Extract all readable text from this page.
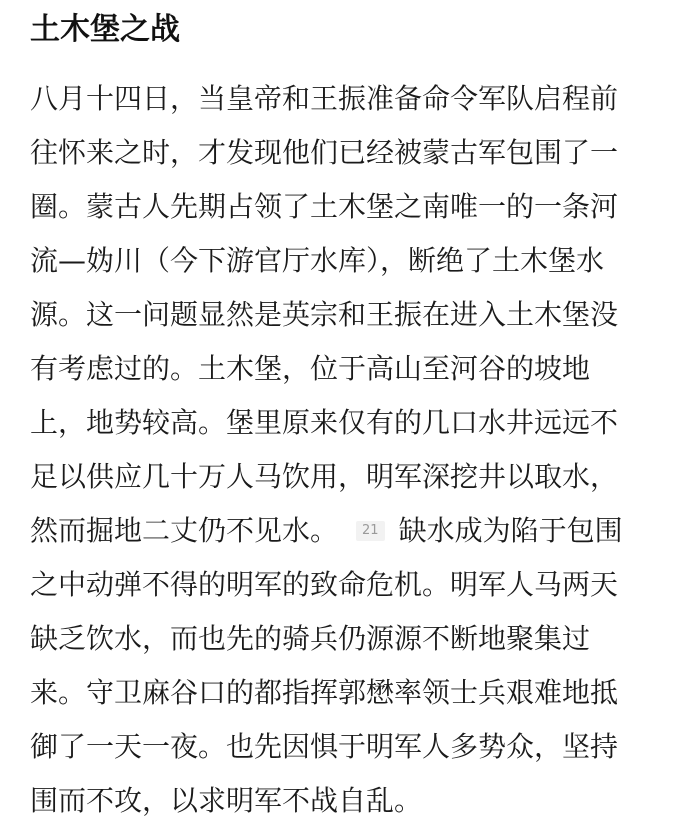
土木堡之战
八月十四日，当皇帝和王振准备命令军队启程前
往怀来之时，才发现他们已经被蒙古军包围了一
圈。蒙古人先期占领了土木堡之南唯一的一条河
流—妫川（今下游官厅水库），断绝了土木堡水
源。这一问题显然是英宗和王振在进入土木堡没
有考虑过的。土木堡，位于高山至河谷的坡地
上，地势较高。堡里原来仅有的几口水井远远不
足以供应几十万人马饮用，明军深挖井以取水，
然而掘地二丈仍不见水。 21 缺水成为陷于包围
之中动弹不得的明军的致命危机。明军人马两天
缺乏饮水，而也先的骑兵仍源源不断地聚集过
来。守卫麻谷口的都指挥郭懋率领士兵艰难地抵
御了一天一夜。也先因惧于明军人多势众，坚持
围而不攻，以求明军不战自乱。
